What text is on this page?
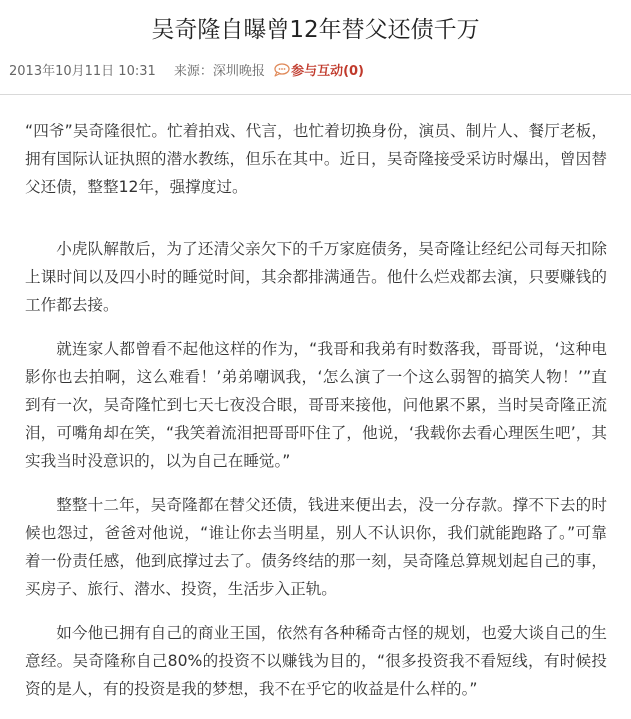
吴奇隆自曝曾12年替父还债千万
2013年10月11日 10:31 来源：深圳晚报 参与互动(0)

“四爷”吴奇隆很忙。忙着拍戏、代言，也忙着切换身份，演员、制片人、餐厅老板，拥有国际认证执照的潜水教练，但乐在其中。近日，吴奇隆接受采访时爆出，曾因替父还债，整整12年，强撑度过。

小虎队解散后，为了还清父亲欠下的千万家庭债务，吴奇隆让经纪公司每天扣除上课时间以及四小时的睡觉时间，其余都排满通告。他什么烂戏都去演，只要赚钱的工作都去接。

就连家人都曾看不起他这样的作为，“我哥和我弟有时数落我，哥哥说，‘这种电影你也去拍啊，这么难看！’弟弟嘲讽我，‘怎么演了一个这么弱智的搞笑人物！’”直到有一次，吴奇隆忙到七天七夜没合眼，哥哥来接他，问他累不累，当时吴奇隆正流泪，可嘴角却在笑，“我笑着流泪把哥哥吓住了，他说，‘我载你去看心理医生吧’，其实我当时没意识的，以为自己在睡觉。”

整整十二年，吴奇隆都在替父还债，钱进来便出去，没一分存款。撑不下去的时候也怨过，爸爸对他说，“谁让你去当明星，别人不认识你，我们就能跑路了。”可靠着一份责任感，他到底撑过去了。债务终结的那一刻，吴奇隆总算规划起自己的事，买房子、旅行、潜水、投资，生活步入正轨。

如今他已拥有自己的商业王国，依然有各种稀奇古怪的规划，也爱大谈自己的生意经。吴奇隆称自己80%的投资不以赚钱为目的，“很多投资我不看短线，有时候投资的是人，有的投资是我的梦想，我不在乎它的收益是什么样的。”
